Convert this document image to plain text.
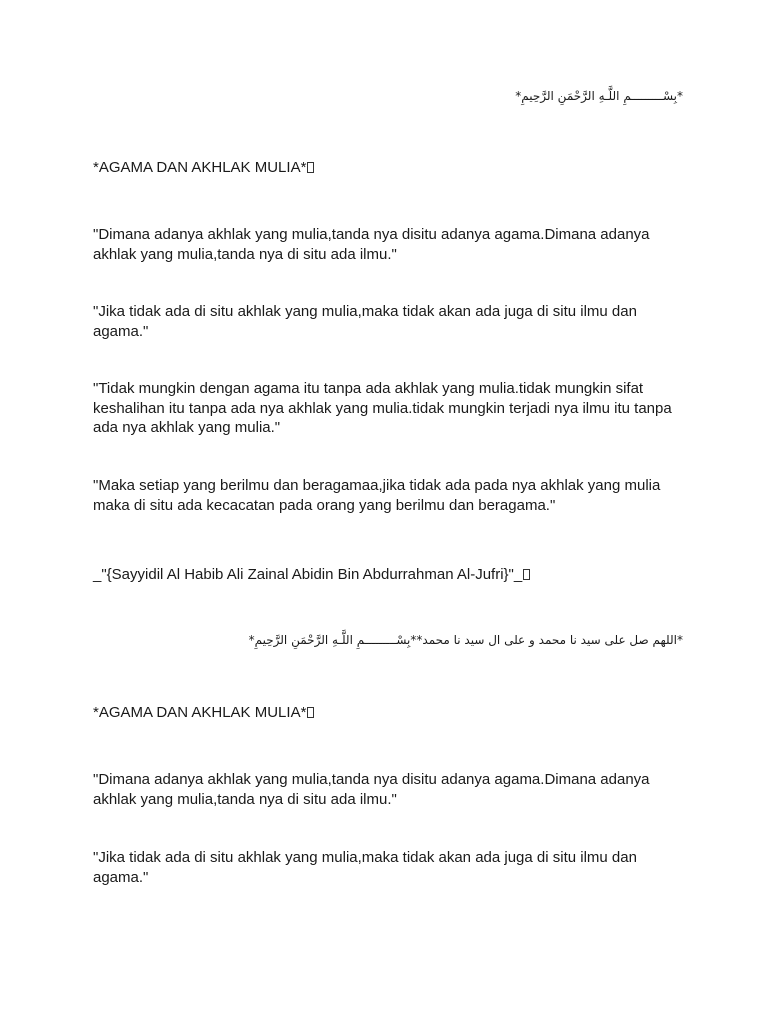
*بِسْـــــــــمِ اللَّـهِ الرَّحْمَنِ الرَّحِيمِ*
*AGAMA DAN AKHLAK MULIA*
"Dimana adanya akhlak yang mulia,tanda nya disitu adanya agama.Dimana adanya akhlak yang mulia,tanda nya di situ ada ilmu."
"Jika tidak ada di situ akhlak yang mulia,maka tidak akan ada juga di situ ilmu dan agama."
"Tidak mungkin dengan agama itu tanpa ada akhlak yang mulia.tidak mungkin sifat keshalihan itu tanpa ada nya akhlak yang mulia.tidak mungkin terjadi nya ilmu itu tanpa ada nya akhlak yang mulia."
"Maka setiap yang berilmu dan beragamaa,jika tidak ada pada nya akhlak yang mulia maka di situ ada kecacatan pada orang yang berilmu dan beragama."
_"{Sayyidil Al Habib Ali Zainal Abidin Bin Abdurrahman Al-Jufri}"_
*اللهم صل على سيد نا محمد و على ال سيد نا محمد**بِسْـــــــــمِ اللَّـهِ الرَّحْمَنِ الرَّحِيمِ*
*AGAMA DAN AKHLAK MULIA*
"Dimana adanya akhlak yang mulia,tanda nya disitu adanya agama.Dimana adanya akhlak yang mulia,tanda nya di situ ada ilmu."
"Jika tidak ada di situ akhlak yang mulia,maka tidak akan ada juga di situ ilmu dan agama."
